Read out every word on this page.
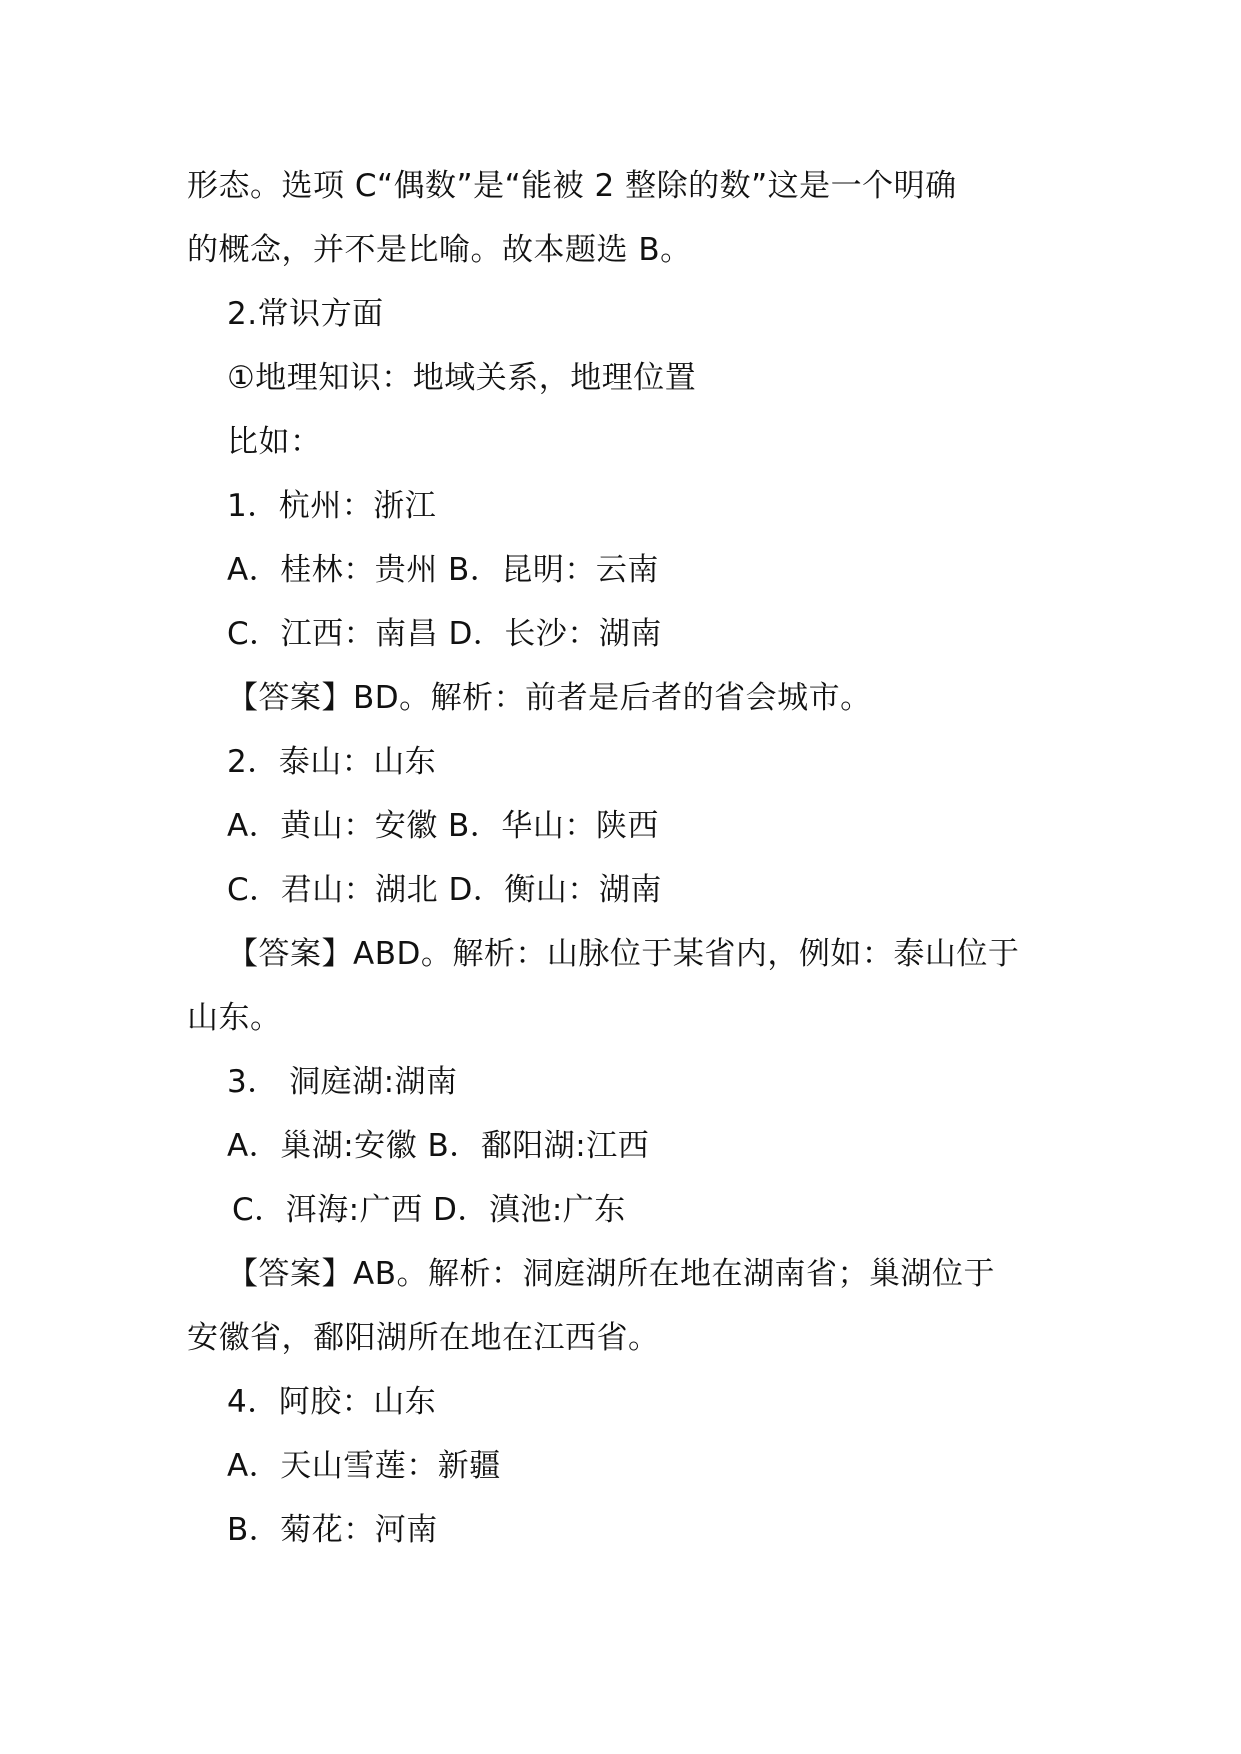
形态。选项 C“偶数”是“能被 2 整除的数”这是一个明确
的概念，并不是比喻。故本题选 B。
2.常识方面
①地理知识：地域关系，地理位置
比如：
1．杭州：浙江
A．桂林：贵州 B．昆明：云南
C．江西：南昌 D．长沙：湖南
【答案】BD。解析：前者是后者的省会城市。
2．泰山：山东
A．黄山：安徽 B．华山：陕西
C．君山：湖北 D．衡山：湖南
【答案】ABD。解析：山脉位于某省内，例如：泰山位于
山东。
3． 洞庭湖:湖南
A．巢湖:安徽 B．鄱阳湖:江西
C．洱海:广西 D．滇池:广东
【答案】AB。解析：洞庭湖所在地在湖南省；巢湖位于
安徽省，鄱阳湖所在地在江西省。
4．阿胶：山东
A．天山雪莲：新疆
B．菊花：河南
